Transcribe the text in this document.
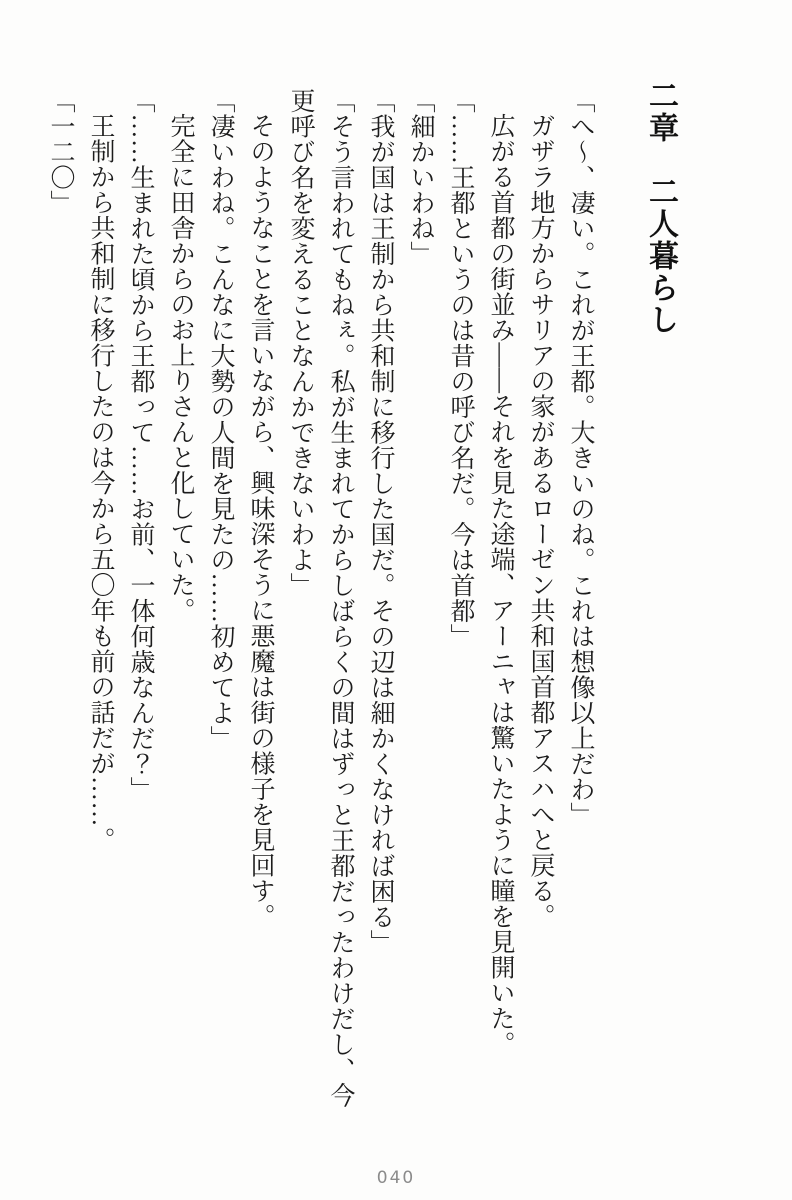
二章　二人暮らし

「へ～、凄い。これが王都。大きいのね。これは想像以上だわ」

ガザラ地方からサリアの家があるローゼン共和国首都アスハへと戻る。

広がる首都の街並み――それを見た途端、アーニャは驚いたように瞳を見開いた。

「……王都というのは昔の呼び名だ。今は首都」

「細かいわね」

「我が国は王制から共和制に移行した国だ。その辺は細かくなければ困る」

「そう言われてもねぇ。私が生まれてからしばらくの間はずっと王都だったわけだし、今更呼び名を変えることなんかできないわよ」

そのようなことを言いながら、興味深そうに悪魔は街の様子を見回す。

「凄いわね。こんなに大勢の人間を見たの……初めてよ」

完全に田舎からのお上りさんと化していた。

「……生まれた頃から王都って……お前、一体何歳なんだ？」

王制から共和制に移行したのは今から五〇年も前の話だが……。

「一二〇」

040
